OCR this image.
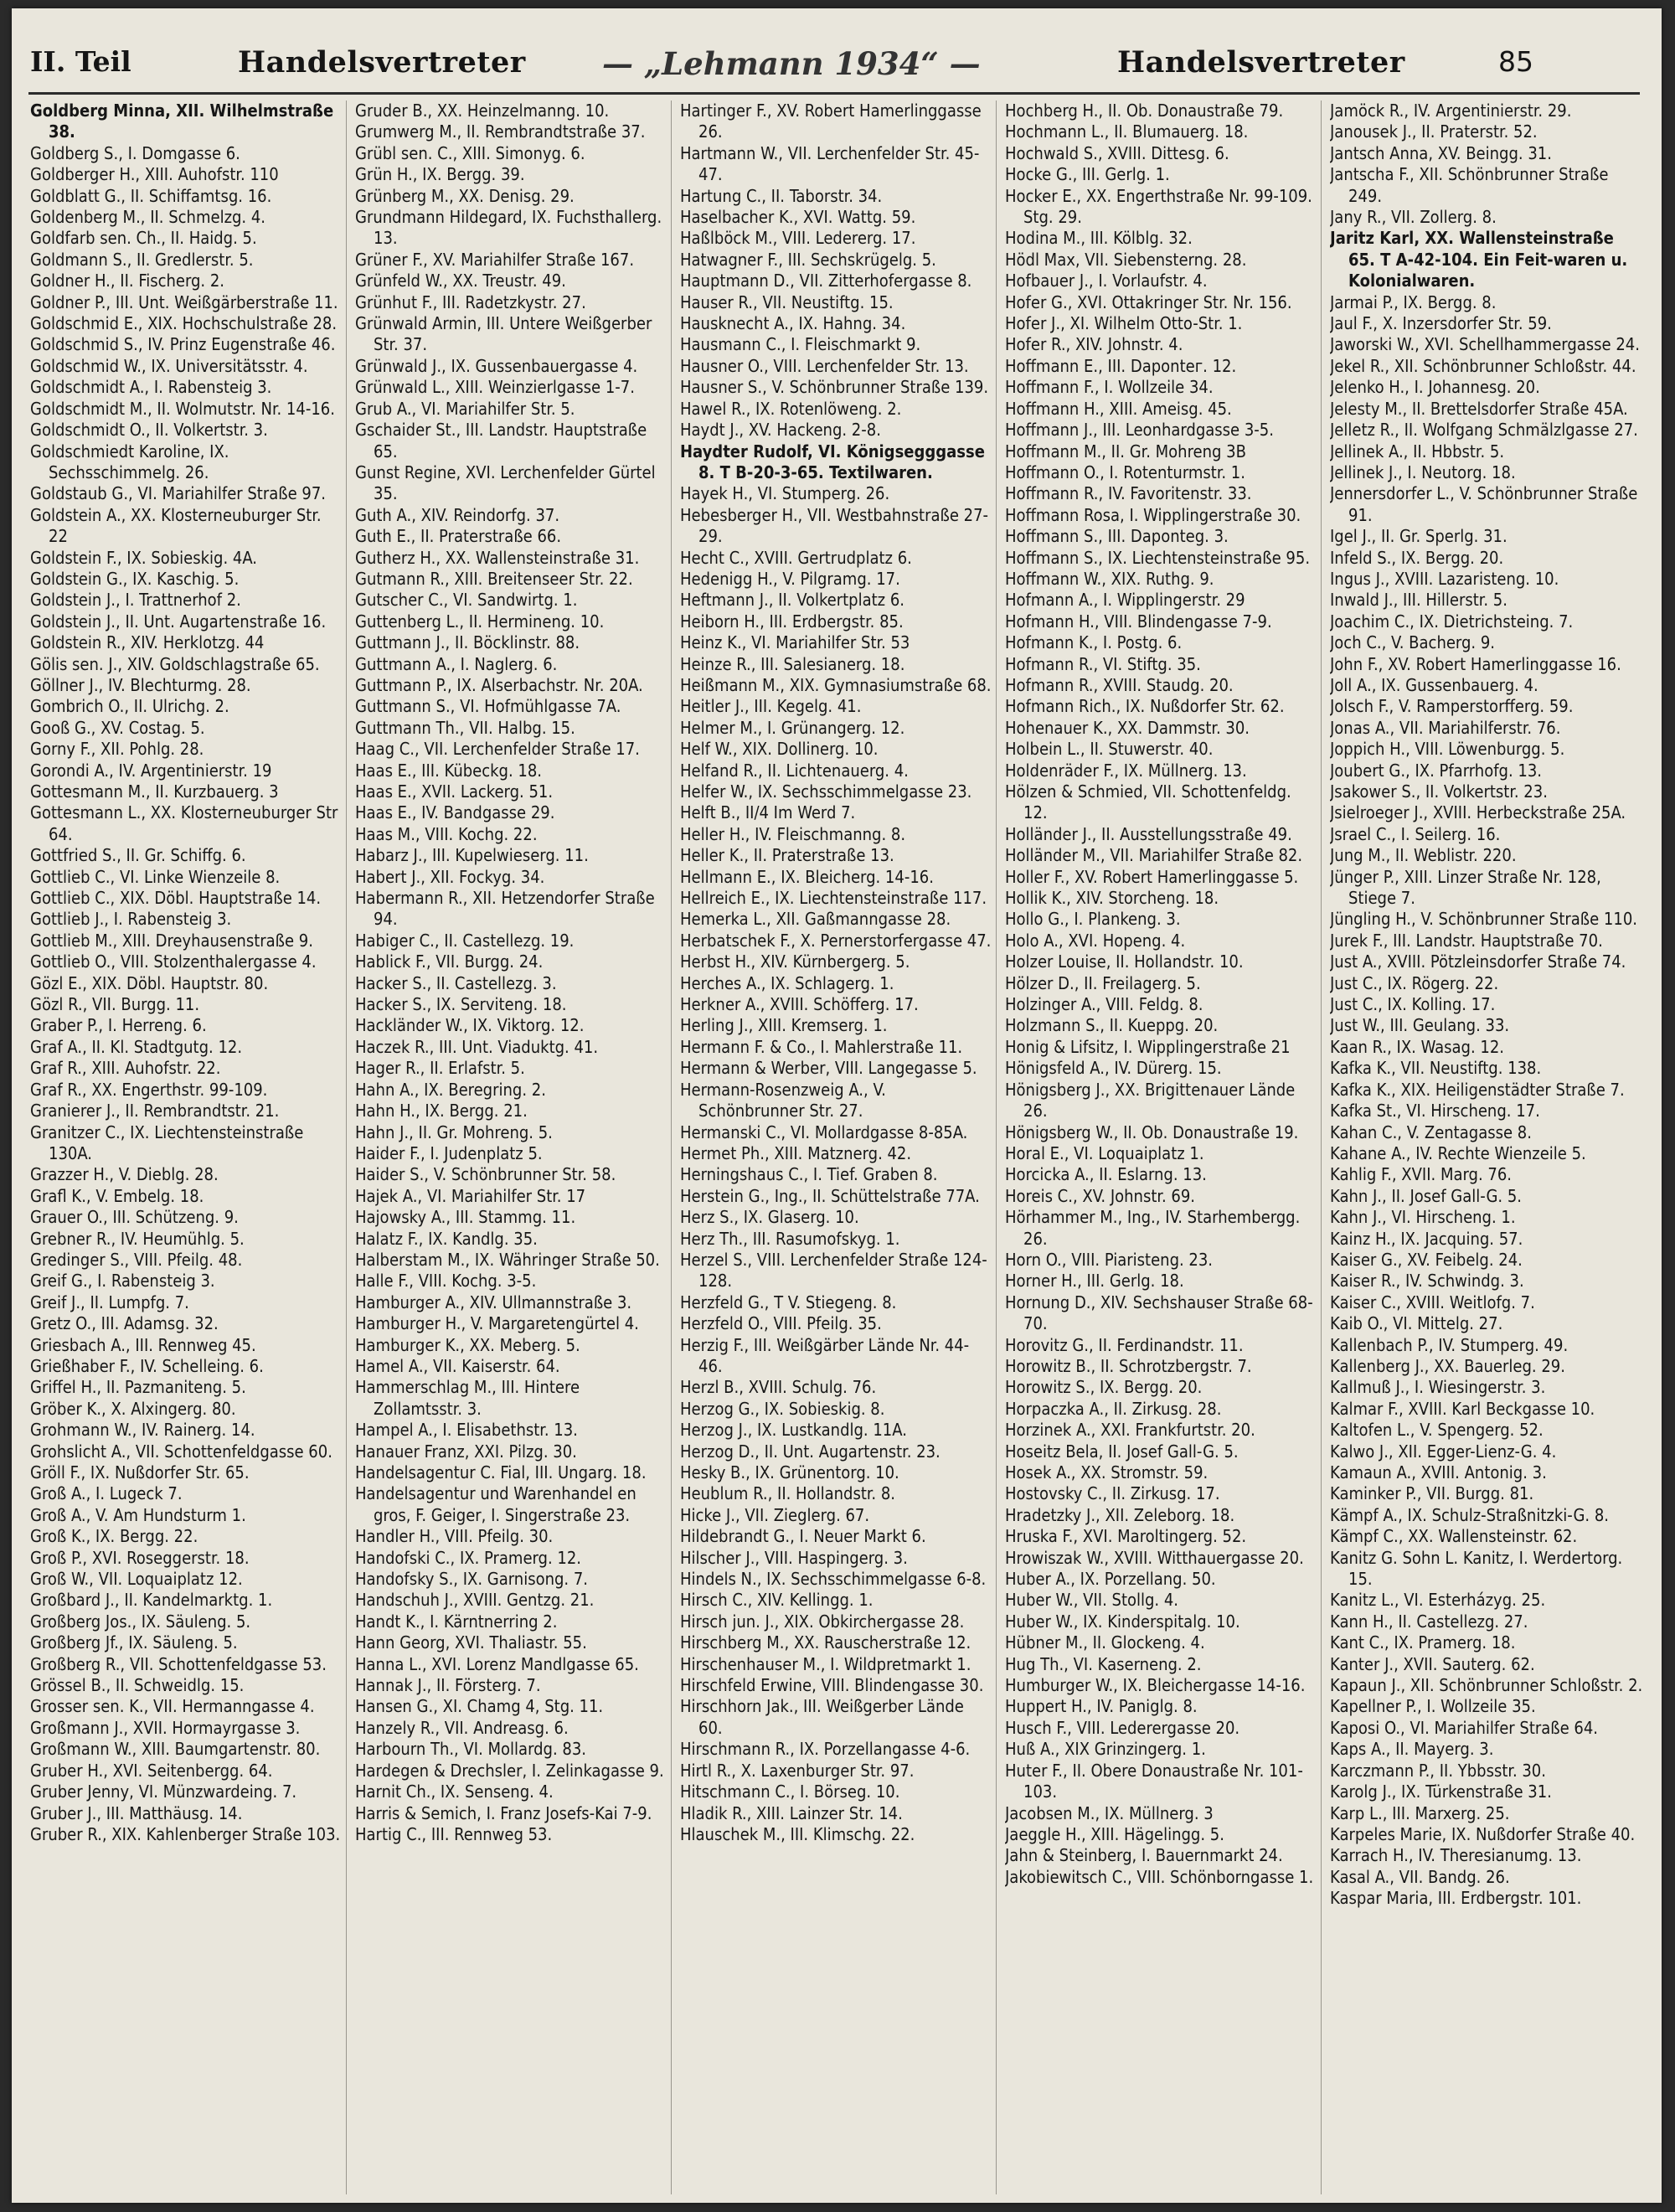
II. Teil	Handelsvertreter — „Lehmann 1934“ —	Handelsvertreter	85
Goldberg Minna, XII. Wilhelmstraße 38.
Goldberg S., I. Domgasse 6.
Goldberger H., XIII. Auhofstr. 110
Goldblatt G., II. Schiffamtsg. 16.
Goldenberg M., II. Schmelzg. 4.
Goldfarb sen. Ch., II. Haidg. 5.
Goldmann S., II. Gredlerstr. 5.
Goldner H., II. Fischerg. 2.
Goldner P., III. Unt. Weißgärberstraße 11.
Goldschmid E., XIX. Hochschulstraße 28.
Goldschmid S., IV. Prinz Eugenstraße 46.
Goldschmid W., IX. Universitätsstr. 4.
Goldschmidt A., I. Rabensteig 3.
Goldschmidt M., II. Wolmutstr. Nr. 14-16.
Goldschmidt O., II. Volkertstr. 3.
Goldschmiedt Karoline, IX. Sechsschimmelg. 26.
Goldstaub G., VI. Mariahilfer Straße 97.
Goldstein A., XX. Klosterneuburger Str. 22
Goldstein F., IX. Sobieskig. 4A.
Goldstein G., IX. Kaschig. 5.
Goldstein J., I. Trattnerhof 2.
Goldstein J., II. Unt. Augartenstraße 16.
Goldstein R., XIV. Herklotzg. 44
Gölis sen. J., XIV. Goldschlagstraße 65.
Göllner J., IV. Blechturmg. 28.
Gombrich O., II. Ulrichg. 2.
Gooß G., XV. Costag. 5.
Gorny F., XII. Pohlg. 28.
Gorondi A., IV. Argentinierstr. 19
Gottesmann M., II. Kurzbauerg. 3
Gottesmann L., XX. Klosterneuburger Str 64.
Gottfried S., II. Gr. Schiffg. 6.
Gottlieb C., VI. Linke Wienzeile 8.
Gottlieb C., XIX. Döbl. Hauptstraße 14.
Gottlieb J., I. Rabensteig 3.
Gottlieb M., XIII. Dreyhausenstraße 9.
Gottlieb O., VIII. Stolzenthalergasse 4.
Gözl E., XIX. Döbl. Hauptstr. 80.
Gözl R., VII. Burgg. 11.
Graber P., I. Herreng. 6.
Graf A., II. Kl. Stadtgutg. 12.
Graf R., XIII. Auhofstr. 22.
Graf R., XX. Engerthstr. 99-109.
Granierer J., II. Rembrandtstr. 21.
Granitzer C., IX. Liechtensteinstraße 130A.
Grazzer H., V. Dieblg. 28.
Grafl K., V. Embelg. 18.
Grauer O., III. Schützeng. 9.
Grebner R., IV. Heumühlg. 5.
Gredinger S., VIII. Pfeilg. 48.
Greif G., I. Rabensteig 3.
Greif J., II. Lumpfg. 7.
Gretz O., III. Adamsg. 32.
Griesbach A., III. Rennweg 45.
Grießhaber F., IV. Schelleing. 6.
Griffel H., II. Pazmaniteng. 5.
Gröber K., X. Alxingerg. 80.
Grohmann W., IV. Rainerg. 14.
Grohslicht A., VII. Schottenfeldgasse 60.
Gröll F., IX. Nußdorfer Str. 65.
Groß A., I. Lugeck 7.
Groß A., V. Am Hundsturm 1.
Groß K., IX. Bergg. 22.
Groß P., XVI. Roseggerstr. 18.
Groß W., VII. Loquaiplatz 12.
Großbard J., II. Kandelmarktg. 1.
Großberg Jos., IX. Säuleng. 5.
Großberg Jf., IX. Säuleng. 5.
Großberg R., VII. Schottenfeldgasse 53.
Grössel B., II. Schweidlg. 15.
Grosser sen. K., VII. Hermanngasse 4.
Großmann J., XVII. Hormayrgasse 3.
Großmann W., XIII. Baumgartenstr. 80.
Gruber H., XVI. Seitenbergg. 64.
Gruber Jenny, VI. Münzwardeing. 7.
Gruber J., III. Matthäusg. 14.
Gruber R., XIX. Kahlenberger Straße 103.
Gruder B., XX. Heinzelmanng. 10.
Grumwerg M., II. Rembrandtstraße 37.
Grübl sen. C., XIII. Simonyg. 6.
Grün H., IX. Bergg. 39.
Grünberg M., XX. Denisg. 29.
Grundmann Hildegard, IX. Fuchsthallerg. 13.
Grüner F., XV. Mariahilfer Straße 167.
Grünfeld W., XX. Treustr. 49.
Grünhut F., III. Radetzkystr. 27.
Grünwald Armin, III. Untere Weißgerber Str. 37.
Grünwald J., IX. Gussenbauergasse 4.
Grünwald L., XIII. Weinzierlgasse 1-7.
Grub A., VI. Mariahilfer Str. 5.
Gschaider St., III. Landstr. Hauptstraße 65.
Gunst Regine, XVI. Lerchenfelder Gürtel 35.
Guth A., XIV. Reindorfg. 37.
Guth E., II. Praterstraße 66.
Gutherz H., XX. Wallensteinstraße 31.
Gutmann R., XIII. Breitenseer Str. 22.
Gutscher C., VI. Sandwirtg. 1.
Guttenberg L., II. Hermineng. 10.
Guttmann J., II. Böcklinstr. 88.
Guttmann A., I. Naglerg. 6.
Guttmann P., IX. Alserbachstr. Nr. 20A.
Guttmann S., VI. Hofmühlgasse 7A.
Guttmann Th., VII. Halbg. 15.
Haag C., VII. Lerchenfelder Straße 17.
Haas E., III. Kübeckg. 18.
Haas E., XVII. Lackerg. 51.
Haas E., IV. Bandgasse 29.
Haas M., VIII. Kochg. 22.
Habarz J., III. Kupelwieserg. 11.
Habert J., XII. Fockyg. 34.
Habermann R., XII. Hetzendorfer Straße 94.
Habiger C., II. Castellezg. 19.
Hablick F., VII. Burgg. 24.
Hacker S., II. Castellezg. 3.
Hacker S., IX. Serviteng. 18.
Hackländer W., IX. Viktorg. 12.
Haczek R., III. Unt. Viaduktg. 41.
Hager R., II. Erlafstr. 5.
Hahn A., IX. Beregring. 2.
Hahn H., IX. Bergg. 21.
Hahn J., II. Gr. Mohreng. 5.
Haider F., I. Judenplatz 5.
Haider S., V. Schönbrunner Str. 58.
Hajek A., VI. Mariahilfer Str. 17
Hajowsky A., III. Stammg. 11.
Halatz F., IX. Kandlg. 35.
Halberstam M., IX. Währinger Straße 50.
Halle F., VIII. Kochg. 3-5.
Hamburger A., XIV. Ullmannstraße 3.
Hamburger H., V. Margaretengürtel 4.
Hamburger K., XX. Meberg. 5.
Hamel A., VII. Kaiserstr. 64.
Hammerschlag M., III. Hintere Zollamtsstr. 3.
Hampel A., I. Elisabethstr. 13.
Hanauer Franz, XXI. Pilzg. 30.
Handelsagentur C. Fial, III. Ungarg. 18.
Handelsagentur und Warenhandel en gros, F. Geiger, I. Singerstraße 23.
Handler H., VIII. Pfeilg. 30.
Handofski C., IX. Pramerg. 12.
Handofsky S., IX. Garnisong. 7.
Handschuh J., XVIII. Gentzg. 21.
Handt K., I. Kärntnerring 2.
Hann Georg, XVI. Thaliastr. 55.
Hanna L., XVI. Lorenz Mandlgasse 65.
Hannak J., II. Försterg. 7.
Hansen G., XI. Chamg 4, Stg. 11.
Hanzely R., VII. Andreasg. 6.
Harbourn Th., VI. Mollardg. 83.
Hardegen & Drechsler, I. Zelinkagasse 9.
Harnit Ch., IX. Senseng. 4.
Harris & Semich, I. Franz Josefs-Kai 7-9.
Hartig C., III. Rennweg 53.
Hartinger F., XV. Robert Hamerlinggasse 26.
Hartmann W., VII. Lerchenfelder Str. 45-47.
Hartung C., II. Taborstr. 34.
Haselbacher K., XVI. Wattg. 59.
Haßlböck M., VIII. Ledererg. 17.
Hatwagner F., III. Sechskrügelg. 5.
Hauptmann D., VII. Zitterhofergasse 8.
Hauser R., VII. Neustiftg. 15.
Hausknecht A., IX. Hahng. 34.
Hausmann C., I. Fleischmarkt 9.
Hausner O., VIII. Lerchenfelder Str. 13.
Hausner S., V. Schönbrunner Straße 139.
Hawel R., IX. Rotenlöweng. 2.
Haydt J., XV. Hackeng. 2-8.
Haydter Rudolf, VI. Königsegggasse 8. T B-20-3-65. Textilwaren.
Hayek H., VI. Stumperg. 26.
Hebesberger H., VII. Westbahnstraße 27-29.
Hecht C., XVIII. Gertrudplatz 6.
Hedenigg H., V. Pilgramg. 17.
Heftmann J., II. Volkertplatz 6.
Heiborn H., III. Erdbergstr. 85.
Heinz K., VI. Mariahilfer Str. 53
Heinze R., III. Salesianerg. 18.
Heißmann M., XIX. Gymnasiumstraße 68.
Heitler J., III. Kegelg. 41.
Helmer M., I. Grünangerg. 12.
Helf W., XIX. Dollinerg. 10.
Helfand R., II. Lichtenauerg. 4.
Helfer W., IX. Sechsschimmelgasse 23.
Helft B., II/4 Im Werd 7.
Heller H., IV. Fleischmanng. 8.
Heller K., II. Praterstraße 13.
Hellmann E., IX. Bleicherg. 14-16.
Hellreich E., IX. Liechtensteinstraße 117.
Hemerka L., XII. Gaßmanngasse 28.
Herbatschek F., X. Pernerstorfergasse 47.
Herbst H., XIV. Kürnbergerg. 5.
Herches A., IX. Schlagerg. 1.
Herkner A., XVIII. Schöfferg. 17.
Herling J., XIII. Kremserg. 1.
Hermann F. & Co., I. Mahlerstraße 11.
Hermann & Werber, VIII. Langegasse 5.
Hermann-Rosenzweig A., V. Schönbrunner Str. 27.
Hermanski C., VI. Mollardgasse 8-85A.
Hermet Ph., XIII. Matznerg. 42.
Herningshaus C., I. Tief. Graben 8.
Herstein G., Ing., II. Schüttelstraße 77A.
Herz S., IX. Glaserg. 10.
Herz Th., III. Rasumofskyg. 1.
Herzel S., VIII. Lerchenfelder Straße 124-128.
Herzfeld G., T V. Stiegeng. 8.
Herzfeld O., VIII. Pfeilg. 35.
Herzig F., III. Weißgärber Lände Nr. 44-46.
Herzl B., XVIII. Schulg. 76.
Herzog G., IX. Sobieskig. 8.
Herzog J., IX. Lustkandlg. 11A.
Herzog D., II. Unt. Augartenstr. 23.
Hesky B., IX. Grünentorg. 10.
Heublum R., II. Hollandstr. 8.
Hicke J., VII. Zieglerg. 67.
Hildebrandt G., I. Neuer Markt 6.
Hilscher J., VIII. Haspingerg. 3.
Hindels N., IX. Sechsschimmelgasse 6-8.
Hirsch C., XIV. Kellingg. 1.
Hirsch jun. J., XIX. Obkirchergasse 28.
Hirschberg M., XX. Rauscherstraße 12.
Hirschenhauser M., I. Wildpretmarkt 1.
Hirschfeld Erwine, VIII. Blindengasse 30.
Hirschhorn Jak., III. Weißgerber Lände 60.
Hirschmann R., IX. Porzellangasse 4-6.
Hirtl R., X. Laxenburger Str. 97.
Hitschmann C., I. Börseg. 10.
Hladik R., XIII. Lainzer Str. 14.
Hlauschek M., III. Klimschg. 22.
Hochberg H., II. Ob. Donaustraße 79.
Hochmann L., II. Blumauerg. 18.
Hochwald S., XVIII. Dittesg. 6.
Hocke G., III. Gerlg. 1.
Hocker E., XX. Engerthstraße Nr. 99-109. Stg. 29.
Hodina M., III. Kölblg. 32.
Hödl Max, VII. Siebensterng. 28.
Hofbauer J., I. Vorlaufstr. 4.
Hofer G., XVI. Ottakringer Str. Nr. 156.
Hofer J., XI. Wilhelm Otto-Str. 1.
Hofer R., XIV. Johnstr. 4.
Hoffmann E., III. Dapontег. 12.
Hoffmann F., I. Wollzeile 34.
Hoffmann H., XIII. Ameisg. 45.
Hoffmann J., III. Leonhardgasse 3-5.
Hoffmann M., II. Gr. Mohreng 3B
Hoffmann O., I. Rotenturmstr. 1.
Hoffmann R., IV. Favoritenstr. 33.
Hoffmann Rosa, I. Wipplingerstraße 30.
Hoffmann S., III. Daponteg. 3.
Hoffmann S., IX. Liechtensteinstraße 95.
Hoffmann W., XIX. Ruthg. 9.
Hofmann A., I. Wipplingerstr. 29
Hofmann H., VIII. Blindengasse 7-9.
Hofmann K., I. Postg. 6.
Hofmann R., VI. Stiftg. 35.
Hofmann R., XVIII. Staudg. 20.
Hofmann Rich., IX. Nußdorfer Str. 62.
Hohenauer K., XX. Dammstr. 30.
Holbein L., II. Stuwerstr. 40.
Holdenräder F., IX. Müllnerg. 13.
Hölzen & Schmied, VII. Schottenfeldg. 12.
Holländer J., II. Ausstellungsstraße 49.
Holländer M., VII. Mariahilfer Straße 82.
Holler F., XV. Robert Hamerlinggasse 5.
Hollik K., XIV. Storcheng. 18.
Hollo G., I. Plankeng. 3.
Holo A., XVI. Hopeng. 4.
Holzer Louise, II. Hollandstr. 10.
Hölzer D., II. Freilagerg. 5.
Holzinger A., VIII. Feldg. 8.
Holzmann S., II. Kueppg. 20.
Honig & Lifsitz, I. Wipplingerstraße 21
Hönigsfeld A., IV. Dürerg. 15.
Hönigsberg J., XX. Brigittenauer Lände 26.
Hönigsberg W., II. Ob. Donaustraße 19.
Horal E., VI. Loquaiplatz 1.
Horcicka A., II. Eslarng. 13.
Horeis C., XV. Johnstr. 69.
Hörhammer M., Ing., IV. Starhembergg. 26.
Horn O., VIII. Piaristeng. 23.
Horner H., III. Gerlg. 18.
Hornung D., XIV. Sechshauser Straße 68-70.
Horovitz G., II. Ferdinandstr. 11.
Horowitz B., II. Schrotzbergstr. 7.
Horowitz S., IX. Bergg. 20.
Horpaczka A., II. Zirkusg. 28.
Horzinek A., XXI. Frankfurtstr. 20.
Hoseitz Bela, II. Josef Gall-G. 5.
Hosek A., XX. Stromstr. 59.
Hostovsky C., II. Zirkusg. 17.
Hradetzky J., XII. Zeleborg. 18.
Hruska F., XVI. Maroltingerg. 52.
Hrowiszak W., XVIII. Witthauergasse 20.
Huber A., IX. Porzellang. 50.
Huber W., VII. Stollg. 4.
Huber W., IX. Kinderspitalg. 10.
Hübner M., II. Glockeng. 4.
Hug Th., VI. Kaserneng. 2.
Humburger W., IX. Bleichergasse 14-16.
Huppert H., IV. Paniglg. 8.
Husch F., VIII. Lederergasse 20.
Huß A., XIX Grinzingerg. 1.
Huter F., II. Obere Donaustraße Nr. 101-103.
Jacobsen M., IX. Müllnerg. 3
Jaeggle H., XIII. Hägelingg. 5.
Jahn & Steinberg, I. Bauernmarkt 24.
Jakobiewitsch C., VIII. Schönborngasse 1.
Jamöck R., IV. Argentinierstr. 29.
Janousek J., II. Praterstr. 52.
Jantsch Anna, XV. Beingg. 31.
Jantscha F., XII. Schönbrunner Straße 249.
Jany R., VII. Zollerg. 8.
Jaritz Karl, XX. Wallensteinstraße 65. T A-42-104. Ein Feit-waren u. Kolonialwaren.
Jarmai P., IX. Bergg. 8.
Jaul F., X. Inzersdorfer Str. 59.
Jaworski W., XVI. Schellhammergasse 24.
Jekel R., XII. Schönbrunner Schloßstr. 44.
Jelenko H., I. Johannesg. 20.
Jelesty M., II. Brettelsdorfer Straße 45A.
Jelletz R., II. Wolfgang Schmälzlgasse 27.
Jellinek A., II. Hbbstr. 5.
Jellinek J., I. Neutorg. 18.
Jennersdorfer L., V. Schönbrunner Straße 91.
Igel J., II. Gr. Sperlg. 31.
Infeld S., IX. Bergg. 20.
Ingus J., XVIII. Lazaristeng. 10.
Inwald J., III. Hillerstr. 5.
Joachim C., IX. Dietrichsteing. 7.
Joch C., V. Bacherg. 9.
John F., XV. Robert Hamerlinggasse 16.
Joll A., IX. Gussenbauerg. 4.
Jolsch F., V. Ramperstorfferg. 59.
Jonas A., VII. Mariahilferstr. 76.
Joppich H., VIII. Löwenburgg. 5.
Joubert G., IX. Pfarrhofg. 13.
Jsakower S., II. Volkertstr. 23.
Jsielroeger J., XVIII. Herbeckstraße 25A.
Jsrael C., I. Seilerg. 16.
Jung M., II. Weblistr. 220.
Jünger P., XIII. Linzer Straße Nr. 128, Stiege 7.
Jüngling H., V. Schönbrunner Straße 110.
Jurek F., III. Landstr. Hauptstraße 70.
Just A., XVIII. Pötzleinsdorfer Straße 74.
Just C., IX. Rögerg. 22.
Just C., IX. Kolling. 17.
Just W., III. Geulang. 33.
Kaan R., IX. Wasag. 12.
Kafka K., VII. Neustiftg. 138.
Kafka K., XIX. Heiligenstädter Straße 7.
Kafka St., VI. Hirscheng. 17.
Kahan C., V. Zentagasse 8.
Kahane A., IV. Rechte Wienzeile 5.
Kahlig F., XVII. Marg. 76.
Kahn J., II. Josef Gall-G. 5.
Kahn J., VI. Hirscheng. 1.
Kainz H., IX. Jacquing. 57.
Kaiser G., XV. Feibelg. 24.
Kaiser R., IV. Schwindg. 3.
Kaiser C., XVIII. Weitlofg. 7.
Kaib O., VI. Mittelg. 27.
Kallenbach P., IV. Stumperg. 49.
Kallenberg J., XX. Bauerleg. 29.
Kallmuß J., I. Wiesingerstr. 3.
Kalmar F., XVIII. Karl Beckgasse 10.
Kaltofen L., V. Spengerg. 52.
Kalwo J., XII. Egger-Lienz-G. 4.
Kamaun A., XVIII. Antonig. 3.
Kaminker P., VII. Burgg. 81.
Kämpf A., IX. Schulz-Straßnitzki-G. 8.
Kämpf C., XX. Wallensteinstr. 62.
Kanitz G. Sohn L. Kanitz, I. Werdertorg. 15.
Kanitz L., VI. Esterházyg. 25.
Kann H., II. Castellezg. 27.
Kant C., IX. Pramerg. 18.
Kanter J., XVII. Sauterg. 62.
Kapaun J., XII. Schönbrunner Schloßstr. 2.
Kapellner P., I. Wollzeile 35.
Kaposi O., VI. Mariahilfer Straße 64.
Kaps A., II. Mayerg. 3.
Karczmann P., II. Ybbsstr. 30.
Karolg J., IX. Türkenstraße 31.
Karp L., III. Marxerg. 25.
Karpeles Marie, IX. Nußdorfer Straße 40.
Karrach H., IV. Theresianumg. 13.
Kasal A., VII. Bandg. 26.
Kaspar Maria, III. Erdbergstr. 101.
